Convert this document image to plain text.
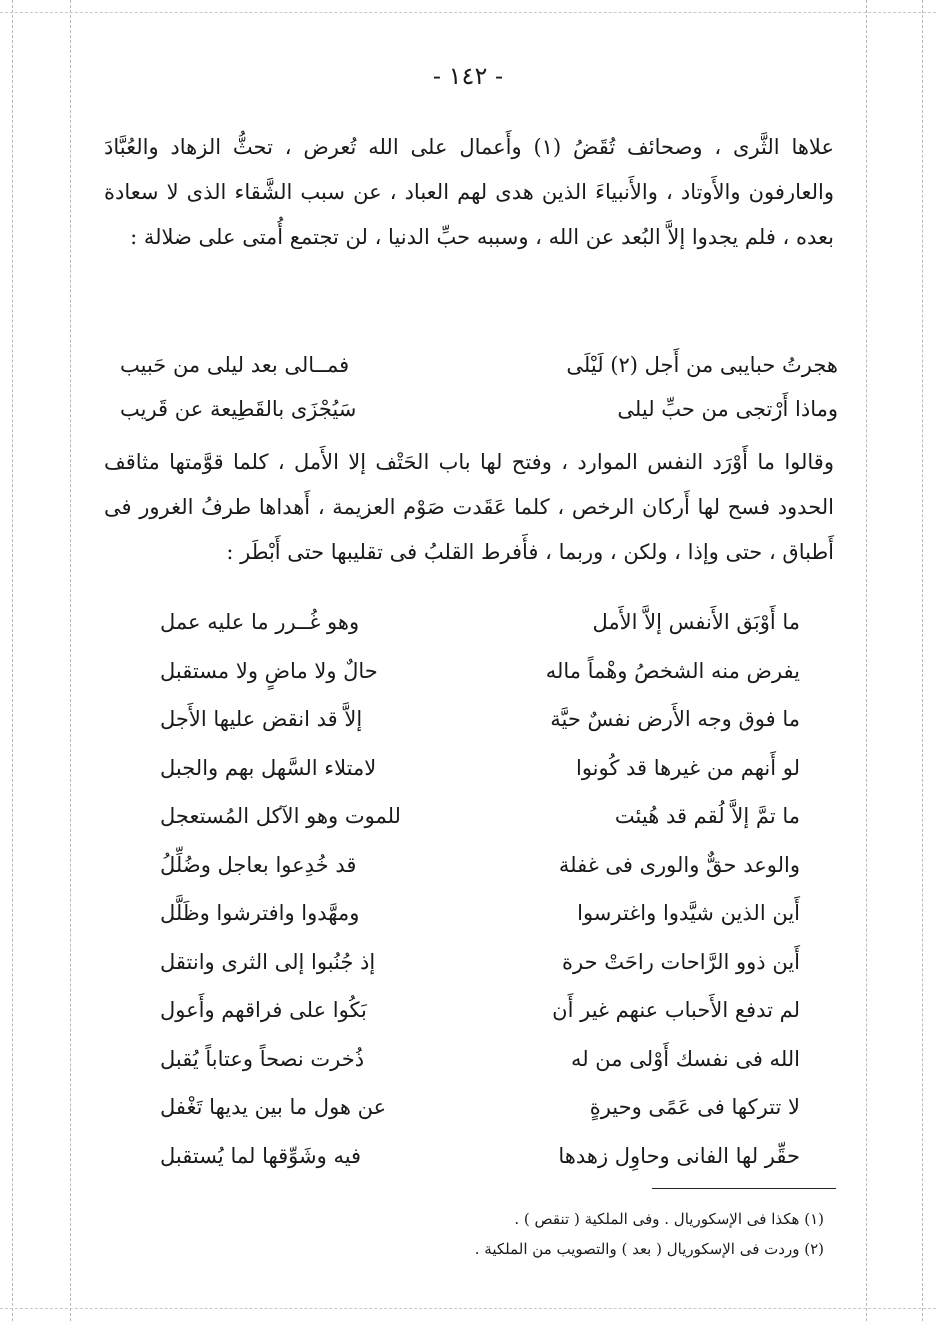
- ١٤٢ -

علاها الثَّرى ، وصحائف تُقَضُ (١) وأَعمال على الله تُعرض ، تحثُّ الزهاد والعُبَّادَ والعارفون والأَوتاد ، والأَنبياءَ الذين هدى لهم العباد ، عن سبب الشَّقاء الذى لا سعادة بعده ، فلم يجدوا إلاَّ البُعد عن الله ، وسببه حبِّ الدنيا ، لن تجتمع أُمتى على ضلالة :

هجرتُ حبايبى من أَجل (٢) لَيْلَى
فمــالى بعد ليلى من حَبيب
وماذا أَرْتجى من حبِّ ليلى
سَيُجْزَى بالقَطِيعة عن قَريب

وقالوا ما أَوْرَد النفس الموارد ، وفتح لها باب الحَتْف إلا الأَمل ، كلما قوَّمتها مثاقف الحدود فسح لها أَركان الرخص ، كلما عَقَدت صَوْم العزيمة ، أَهداها طرفُ الغرور فى أَطباق ، حتى وإذا ، ولكن ، وربما ، فأَفرط القلبُ فى تقليبها حتى أَبْطَر :

ما أَوْبَق الأَنفس إلاَّ الأَمل
وهو غُــرر ما عليه عمل
يفرض منه الشخصُ وهْماً ماله
حالٌ ولا ماضٍ ولا مستقبل
ما فوق وجه الأَرض نفسٌ حيَّة
إلاَّ قد انقض عليها الأَجل
لو أَنهم من غيرها قد كُونوا
لامتلاء السَّهل بهم والجبل
ما تمَّ إلاَّ لُقم قد هُيئت
للموت وهو الآكل المُستعجل
والوعد حقٌّ والورى فى غفلة
قد خُدِعوا بعاجل وضُلِّلُ
أَين الذين شيَّدوا واغترسوا
ومهَّدوا وافترشوا وظَلَّل
أَين ذوو الرَّاحات راحَتْ حرة
إذ جُنُبوا إلى الثرى وانتقل
لم تدفع الأَحباب عنهم غير أَن
بَكُوا على فراقهم وأَعول
الله فى نفسك أَوْلى من له
ذُخرت نصحاً وعتاباً يُقبل
لا تتركها فى عَمًى وحيرةٍ
عن هول ما بين يديها تَغْفل
حقِّر لها الفانى وحاوِل زهدها
فيه وشَوِّقها لما يُستقبل
(١) هكذا فى الإسكوريال . وفى الملكية ( تنقص ) .
(٢) وردت فى الإسكوريال ( بعد ) والتصويب من الملكية .
